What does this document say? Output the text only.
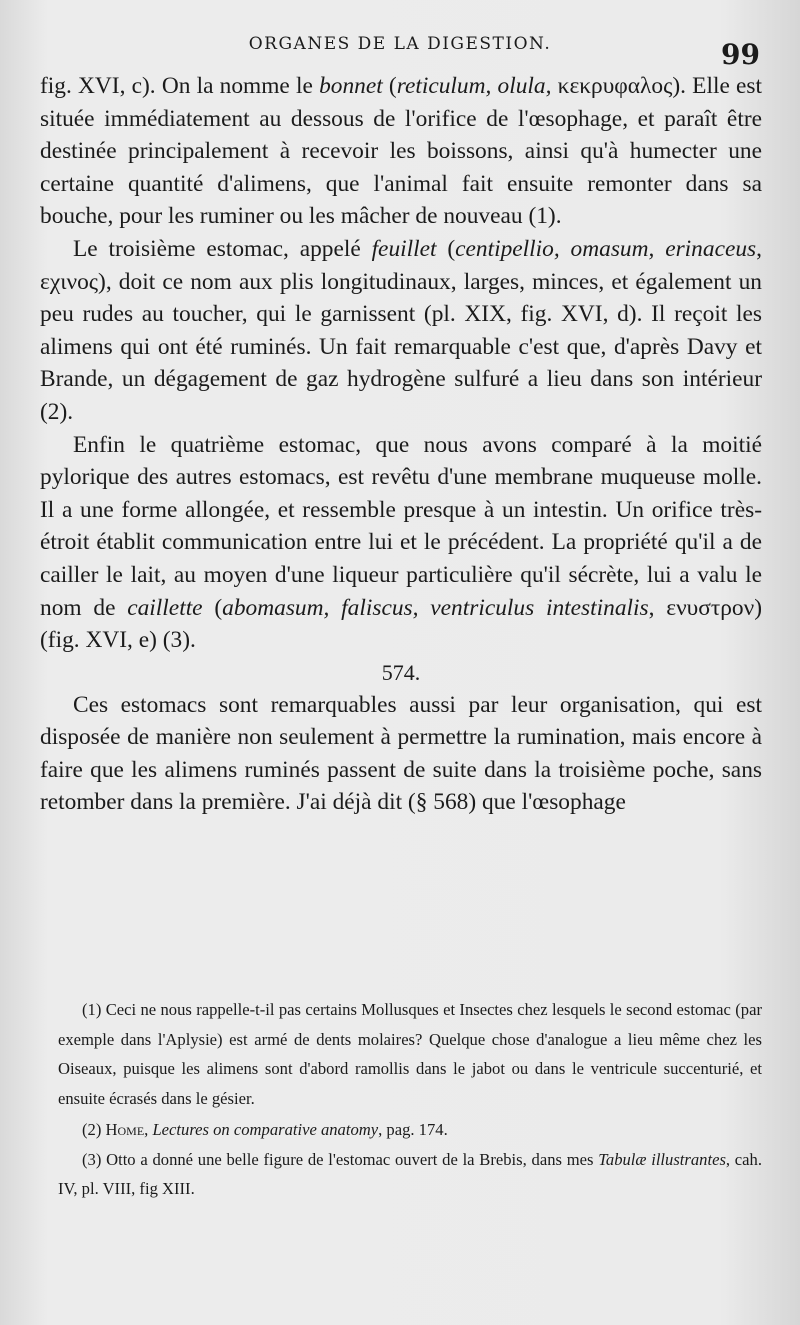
ORGANES DE LA DIGESTION.	99

fig. XVI, c). On la nomme le bonnet (reticulum, olula, κεκρυφαλος). Elle est située immédiatement au dessous de l'orifice de l'œsophage, et paraît être destinée principalement à recevoir les boissons, ainsi qu'à humecter une certaine quantité d'alimens, que l'animal fait ensuite remonter dans sa bouche, pour les ruminer ou les mâcher de nouveau (1).

Le troisième estomac, appelé feuillet (centipellio, omasum, erinaceus, εχινος), doit ce nom aux plis longitudinaux, larges, minces, et également un peu rudes au toucher, qui le garnissent (pl. XIX, fig. XVI, d). Il reçoit les alimens qui ont été ruminés. Un fait remarquable c'est que, d'après Davy et Brande, un dégagement de gaz hydrogène sulfuré a lieu dans son intérieur (2).

Enfin le quatrième estomac, que nous avons comparé à la moitié pylorique des autres estomacs, est revêtu d'une membrane muqueuse molle. Il a une forme allongée, et ressemble presque à un intestin. Un orifice très-étroit établit communication entre lui et le précédent. La propriété qu'il a de cailler le lait, au moyen d'une liqueur particulière qu'il sécrète, lui a valu le nom de caillette (abomasum, faliscus, ventriculus intestinalis, ενυστρον) (fig. XVI, e) (3).

574.

Ces estomacs sont remarquables aussi par leur organisation, qui est disposée de manière non seulement à permettre la rumination, mais encore à faire que les alimens ruminés passent de suite dans la troisième poche, sans retomber dans la première. J'ai déjà dit (§ 568) que l'œsophage

(1) Ceci ne nous rappelle-t-il pas certains Mollusques et Insectes chez lesquels le second estomac (par exemple dans l'Aplysie) est armé de dents molaires? Quelque chose d'analogue a lieu même chez les Oiseaux, puisque les alimens sont d'abord ramollis dans le jabot ou dans le ventricule succenturié, et ensuite écrasés dans le gésier.

(2) Home, Lectures on comparative anatomy, pag. 174.

(3) Otto a donné une belle figure de l'estomac ouvert de la Brebis, dans mes Tabulæ illustrantes, cah. IV, pl. VIII, fig XIII.
